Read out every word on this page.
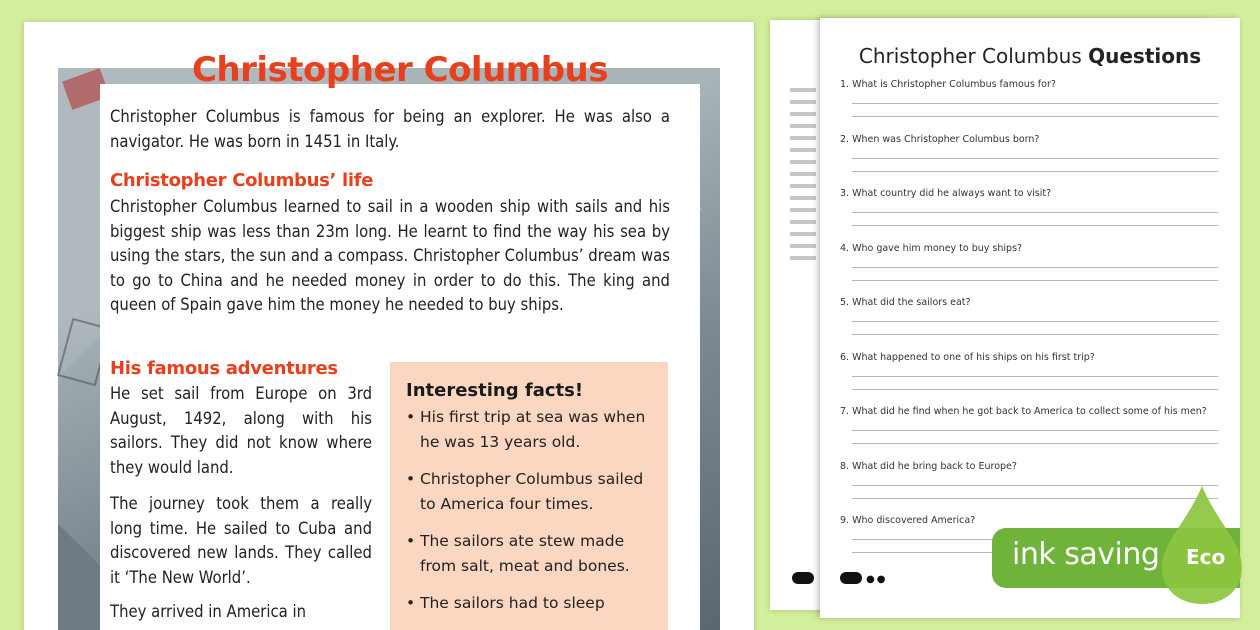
Christopher Columbus
Christopher Columbus is famous for being an explorer. He was also a navigator. He was born in 1451 in Italy.
Christopher Columbus’ life
Christopher Columbus learned to sail in a wooden ship with sails and his biggest ship was less than 23m long. He learnt to find the way his sea by using the stars, the sun and a compass. Christopher Columbus’ dream was to go to China and he needed money in order to do this. The king and queen of Spain gave him the money he needed to buy ships.
His famous adventures
He set sail from Europe on 3rd August, 1492, along with his sailors. They did not know where they would land.
The journey took them a really long time. He sailed to Cuba and discovered new lands. They called it ‘The New World’.
They arrived in America in
Interesting facts!
• His first trip at sea was when he was 13 years old.
• Christopher Columbus sailed to America four times.
• The sailors ate stew made from salt, meat and bones.
• The sailors had to sleep
Christopher Columbus Questions
1. What is Christopher Columbus famous for?
2. When was Christopher Columbus born?
3. What country did he always want to visit?
4. Who gave him money to buy ships?
5. What did the sailors eat?
6. What happened to one of his ships on his first trip?
7. What did he find when he got back to America to collect some of his men?
8. What did he bring back to Europe?
9. Who discovered America?
●●
ink saving Eco
